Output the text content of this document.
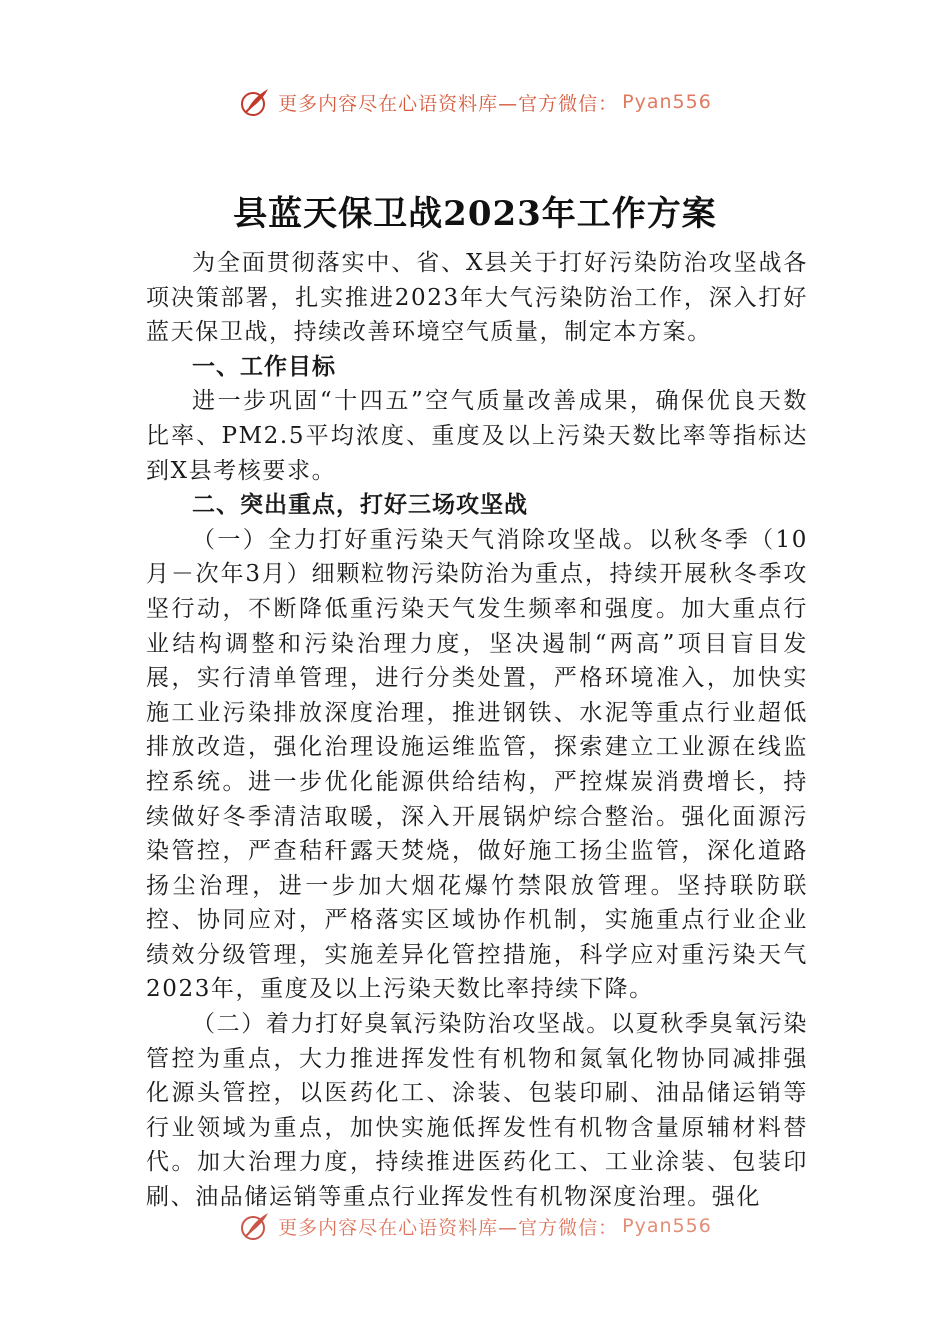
更多内容尽在心语资料库—官方微信： Pyan556
县蓝天保卫战2023年工作方案

为全面贯彻落实中、省、X县关于打好污染防治攻坚战各项决策部署，扎实推进2023年大气污染防治工作，深入打好蓝天保卫战，持续改善环境空气质量，制定本方案。

一、工作目标

进一步巩固“十四五”空气质量改善成果，确保优良天数比率、PM2.5平均浓度、重度及以上污染天数比率等指标达到X县考核要求。

二、突出重点，打好三场攻坚战

（一）全力打好重污染天气消除攻坚战。以秋冬季（10月－次年3月）细颗粒物污染防治为重点，持续开展秋冬季攻坚行动，不断降低重污染天气发生频率和强度。加大重点行业结构调整和污染治理力度，坚决遏制“两高”项目盲目发展，实行清单管理，进行分类处置，严格环境准入，加快实施工业污染排放深度治理，推进钢铁、水泥等重点行业超低排放改造，强化治理设施运维监管，探索建立工业源在线监控系统。进一步优化能源供给结构，严控煤炭消费增长，持续做好冬季清洁取暖，深入开展锅炉综合整治。强化面源污染管控，严查秸秆露天焚烧，做好施工扬尘监管，深化道路扬尘治理，进一步加大烟花爆竹禁限放管理。坚持联防联控、协同应对，严格落实区域协作机制，实施重点行业企业绩效分级管理，实施差异化管控措施，科学应对重污染天气2023年，重度及以上污染天数比率持续下降。

（二）着力打好臭氧污染防治攻坚战。以夏秋季臭氧污染管控为重点，大力推进挥发性有机物和氮氧化物协同减排强化源头管控，以医药化工、涂装、包装印刷、油品储运销等行业领域为重点，加快实施低挥发性有机物含量原辅材料替代。加大治理力度，持续推进医药化工、工业涂装、包装印刷、油品储运销等重点行业挥发性有机物深度治理。强化

更多内容尽在心语资料库—官方微信： Pyan556
